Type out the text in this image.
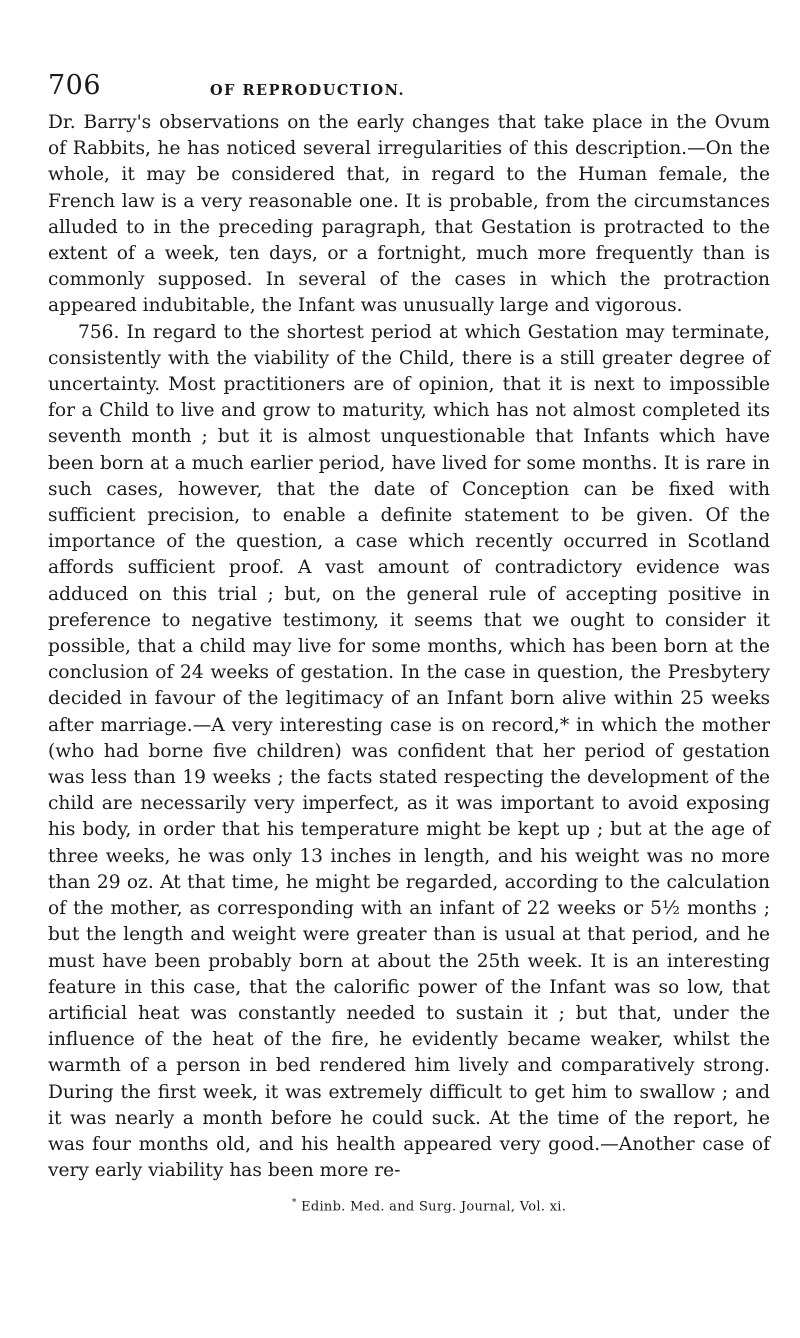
706	OF REPRODUCTION.

Dr. Barry's observations on the early changes that take place in the Ovum of Rabbits, he has noticed several irregularities of this description.—On the whole, it may be considered that, in regard to the Human female, the French law is a very reasonable one. It is probable, from the circumstances alluded to in the preceding paragraph, that Gestation is protracted to the extent of a week, ten days, or a fortnight, much more frequently than is commonly supposed. In several of the cases in which the protraction appeared indubitable, the Infant was unusually large and vigorous.

756. In regard to the shortest period at which Gestation may terminate, consistently with the viability of the Child, there is a still greater degree of uncertainty. Most practitioners are of opinion, that it is next to impossible for a Child to live and grow to maturity, which has not almost completed its seventh month ; but it is almost unquestionable that Infants which have been born at a much earlier period, have lived for some months. It is rare in such cases, however, that the date of Conception can be fixed with sufficient precision, to enable a definite statement to be given. Of the importance of the question, a case which recently occurred in Scotland affords sufficient proof. A vast amount of contradictory evidence was adduced on this trial ; but, on the general rule of accepting positive in preference to negative testimony, it seems that we ought to consider it possible, that a child may live for some months, which has been born at the conclusion of 24 weeks of gestation. In the case in question, the Presbytery decided in favour of the legitimacy of an Infant born alive within 25 weeks after marriage.—A very interesting case is on record,* in which the mother (who had borne five children) was confident that her period of gestation was less than 19 weeks ; the facts stated respecting the development of the child are necessarily very imperfect, as it was important to avoid exposing his body, in order that his temperature might be kept up ; but at the age of three weeks, he was only 13 inches in length, and his weight was no more than 29 oz. At that time, he might be regarded, according to the calculation of the mother, as corresponding with an infant of 22 weeks or 5½ months ; but the length and weight were greater than is usual at that period, and he must have been probably born at about the 25th week. It is an interesting feature in this case, that the calorific power of the Infant was so low, that artificial heat was constantly needed to sustain it ; but that, under the influence of the heat of the fire, he evidently became weaker, whilst the warmth of a person in bed rendered him lively and comparatively strong. During the first week, it was extremely difficult to get him to swallow ; and it was nearly a month before he could suck. At the time of the report, he was four months old, and his health appeared very good.—Another case of very early viability has been more re-

* Edinb. Med. and Surg. Journal, Vol. xi.
